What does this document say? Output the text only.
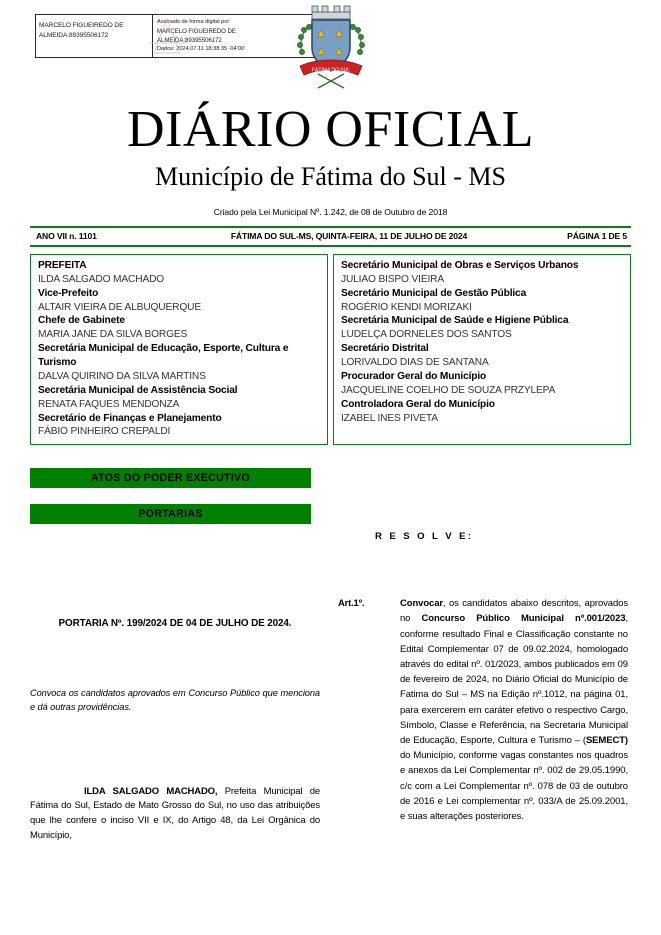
MARCELO FIGUEIREDO DE ALMEIDA:89395506172
Assinado de forma digital por
MARCELO FIGUEIREDO DE
ALMEIDA:89395506172
Dados: 2024.07.11 18:38:35 -04'00'
FÁTIMA DO SUL
DIÁRIO OFICIAL
Município de Fátima do Sul - MS
Criado pela Lei Municipal Nº. 1.242, de 08 de Outubro de 2018
ANO VII n. 1101	FÁTIMA DO SUL-MS, QUINTA-FEIRA, 11 DE JULHO DE 2024	PÁGINA 1 DE 5
PREFEITA
ILDA SALGADO MACHADO
Vice-Prefeito
ALTAIR VIEIRA DE ALBUQUERQUE
Chefe de Gabinete
MARIA JANE DA SILVA BORGES
Secretária Municipal de Educação, Esporte, Cultura e Turismo
DALVA QUIRINO DA SILVA MARTINS
Secretária Municipal de Assistência Social
RENATA FAQUES MENDONZA
Secretário de Finanças e Planejamento
FÁBIO PINHEIRO CREPALDI
Secretário Municipal de Obras e Serviços Urbanos
JULIAO BISPO VIEIRA
Secretário Municipal de Gestão Pública
ROGÉRIO KENDI MORIZAKI
Secretária Municipal de Saúde e Higiene Pública
LUDELÇA DORNELES DOS SANTOS
Secretário Distrital
LORIVALDO DIAS DE SANTANA
Procurador Geral do Município
JACQUELINE COELHO DE SOUZA PRZYLEPA
Controladora Geral do Município
IZABEL INES PIVETA
ATOS DO PODER EXECUTIVO
PORTARIAS
PORTARIA Nº. 199/2024 DE 04 DE JULHO DE 2024.
Convoca os candidatos aprovados em Concurso Público que menciona e dá outras providências.
ILDA SALGADO MACHADO, Prefeita Municipal de Fátima do Sul, Estado de Mato Grosso do Sul, no uso das atribuições que lhe confere o inciso VII e IX, do Artigo 48, da Lei Orgânica do Município,
R E S O L V E:
Art.1º.	Convocar, os candidatos abaixo descritos, aprovados no Concurso Público Municipal nº.001/2023, conforme resultado Final e Classificação constante no Edital Complementar 07 de 09.02.2024, homologado através do edital nº. 01/2023, ambos publicados em 09 de fevereiro de 2024, no Diário Oficial do Município de Fatima do Sul – MS na Edição nº.1012, na página 01, para exercerem em caráter efetivo o respectivo Cargo, Símbolo, Classe e Referência, na Secretaria Municipal de Educação, Esporte, Cultura e Turismo – (SEMECT) do Município, conforme vagas constantes nos quadros e anexos da Lei Complementar nº. 002 de 29.05.1990, c/c com a Lei Complementar nº. 078 de 03 de outubro de 2016 e Lei complementar nº. 033/A de 25.09.2001, e suas alterações posteriores.
